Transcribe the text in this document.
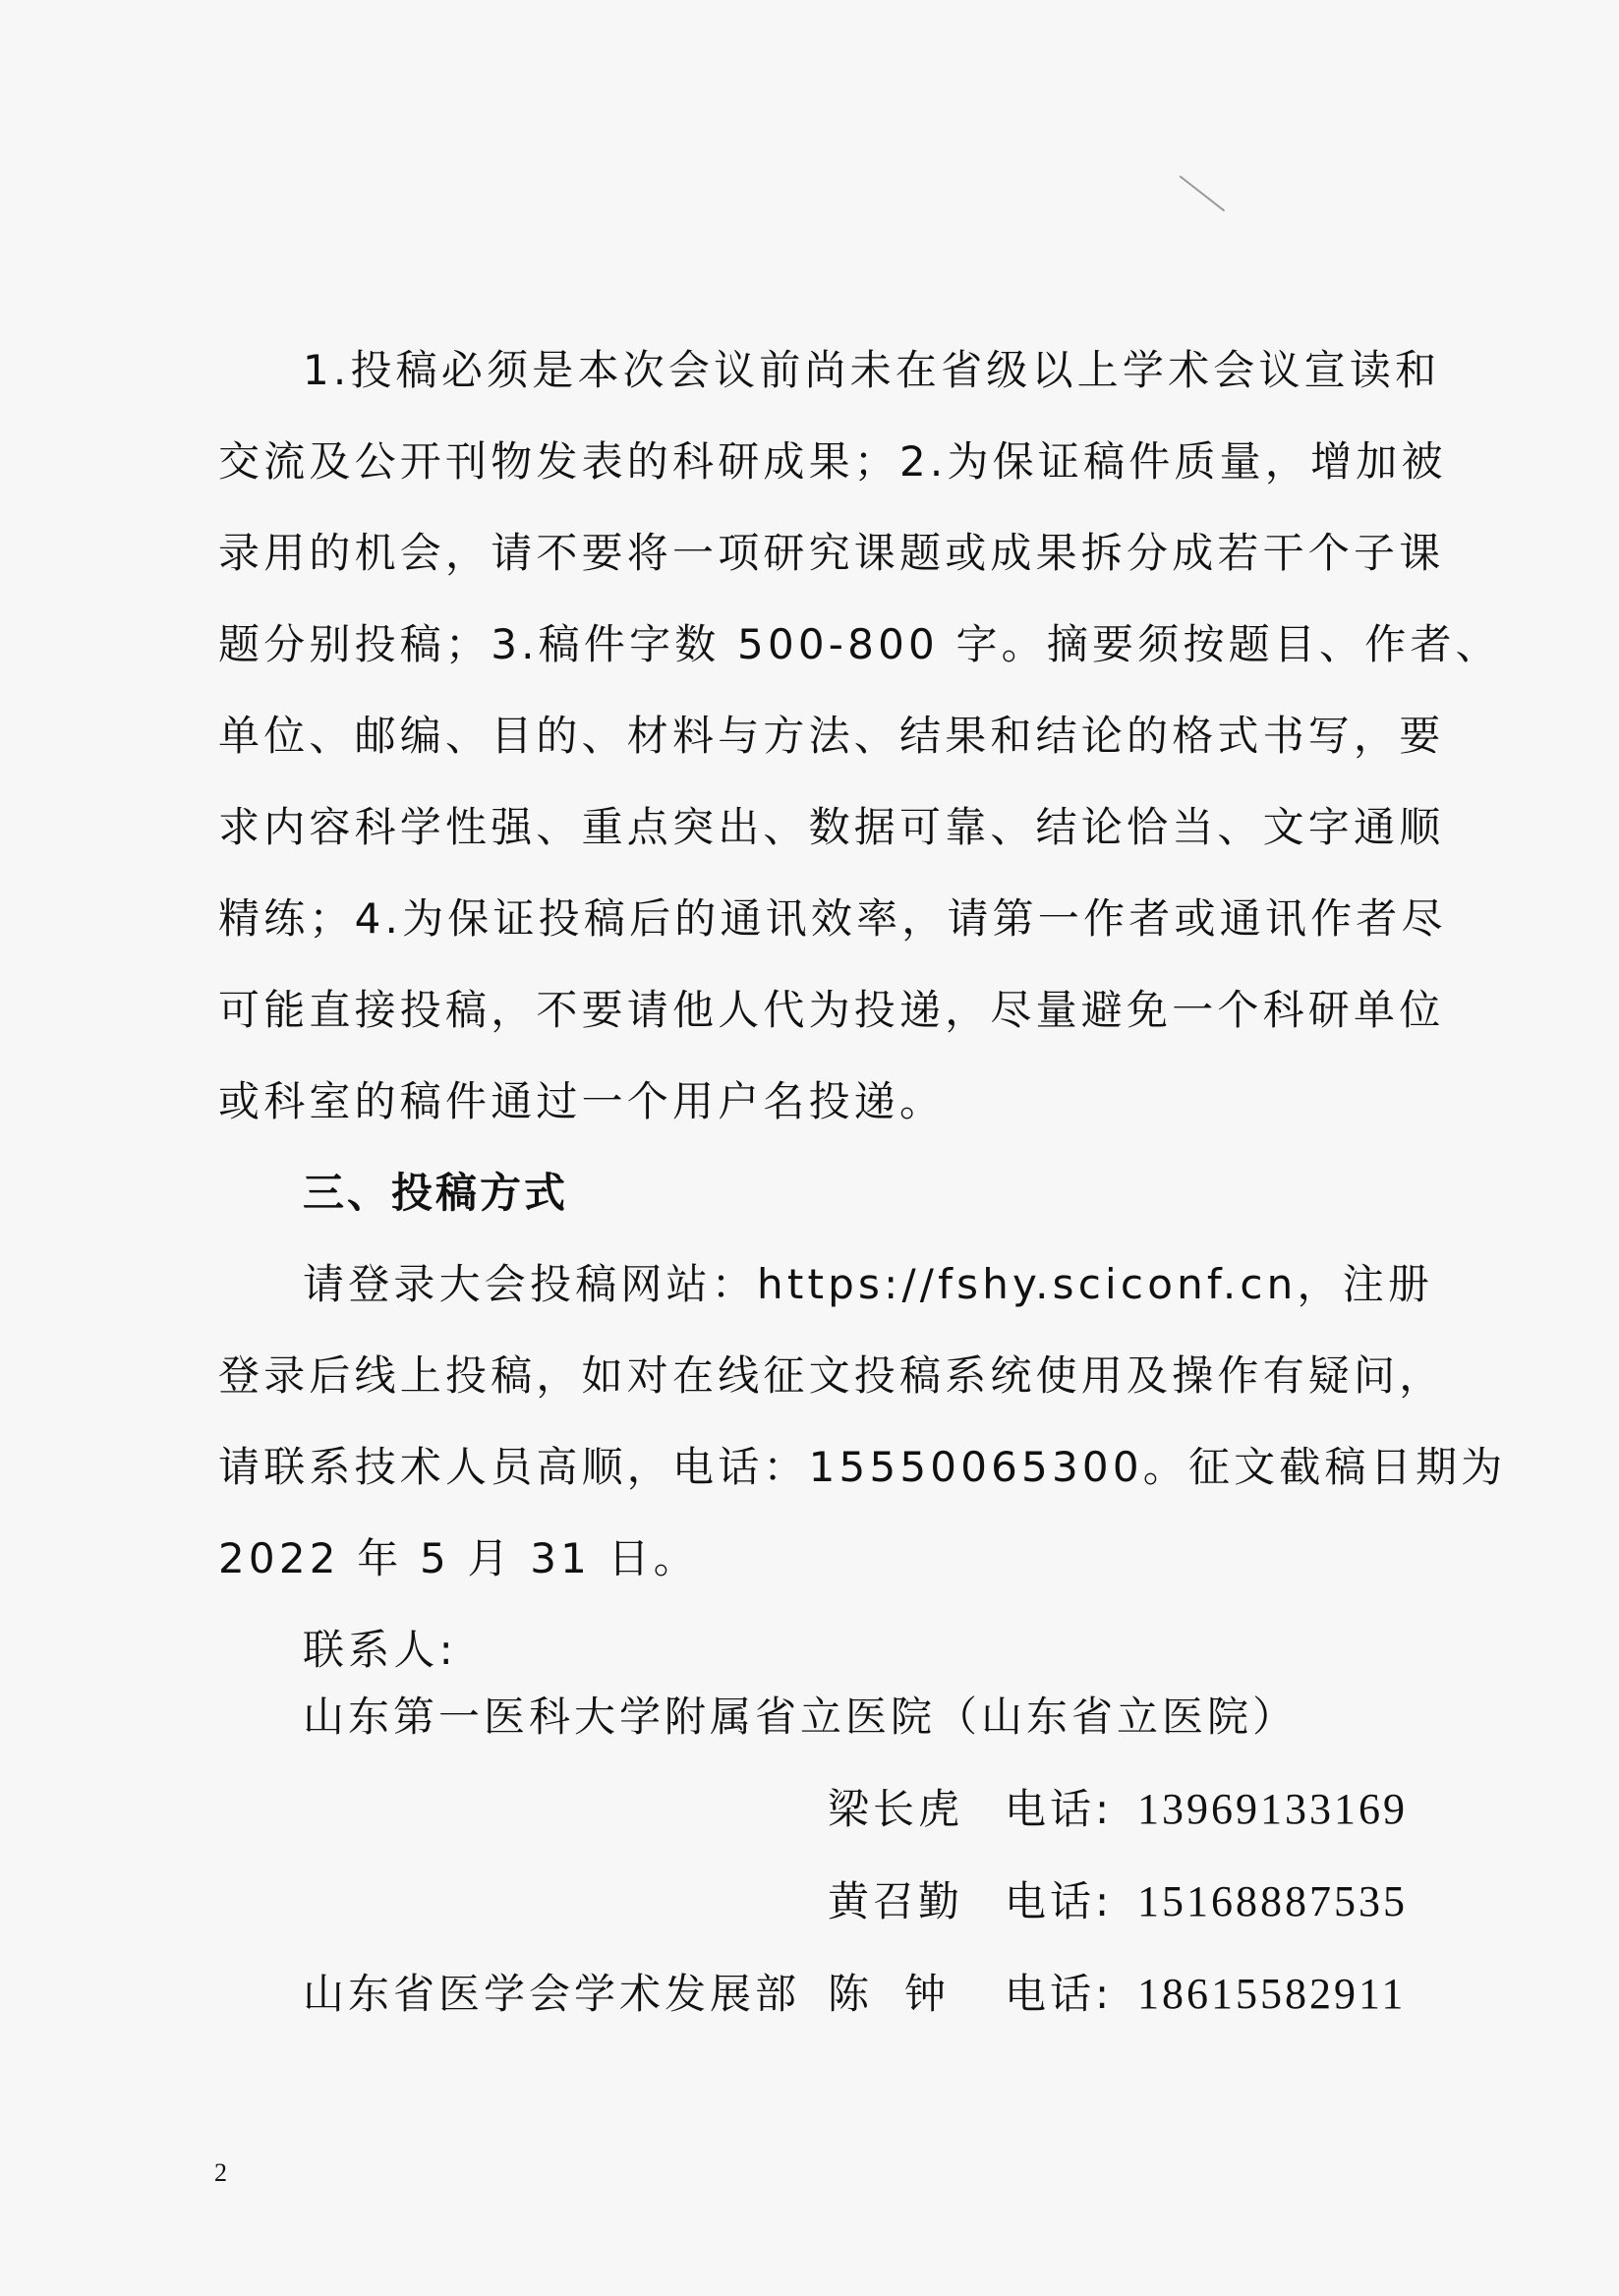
1.投稿必须是本次会议前尚未在省级以上学术会议宣读和
交流及公开刊物发表的科研成果；2.为保证稿件质量，增加被
录用的机会，请不要将一项研究课题或成果拆分成若干个子课
题分别投稿；3.稿件字数 500-800 字。摘要须按题目、作者、
单位、邮编、目的、材料与方法、结果和结论的格式书写，要
求内容科学性强、重点突出、数据可靠、结论恰当、文字通顺
精练；4.为保证投稿后的通讯效率，请第一作者或通讯作者尽
可能直接投稿，不要请他人代为投递，尽量避免一个科研单位
或科室的稿件通过一个用户名投递。
三、投稿方式
请登录大会投稿网站：https://fshy.sciconf.cn，注册
登录后线上投稿，如对在线征文投稿系统使用及操作有疑问，
请联系技术人员高顺，电话：15550065300。征文截稿日期为
2022 年 5 月 31 日。
联系人:
山东第一医科大学附属省立医院（山东省立医院）
梁长虎 电话: 13969133169
黄召勤 电话: 15168887535
山东省医学会学术发展部 陈钟 电话: 18615582911
2
